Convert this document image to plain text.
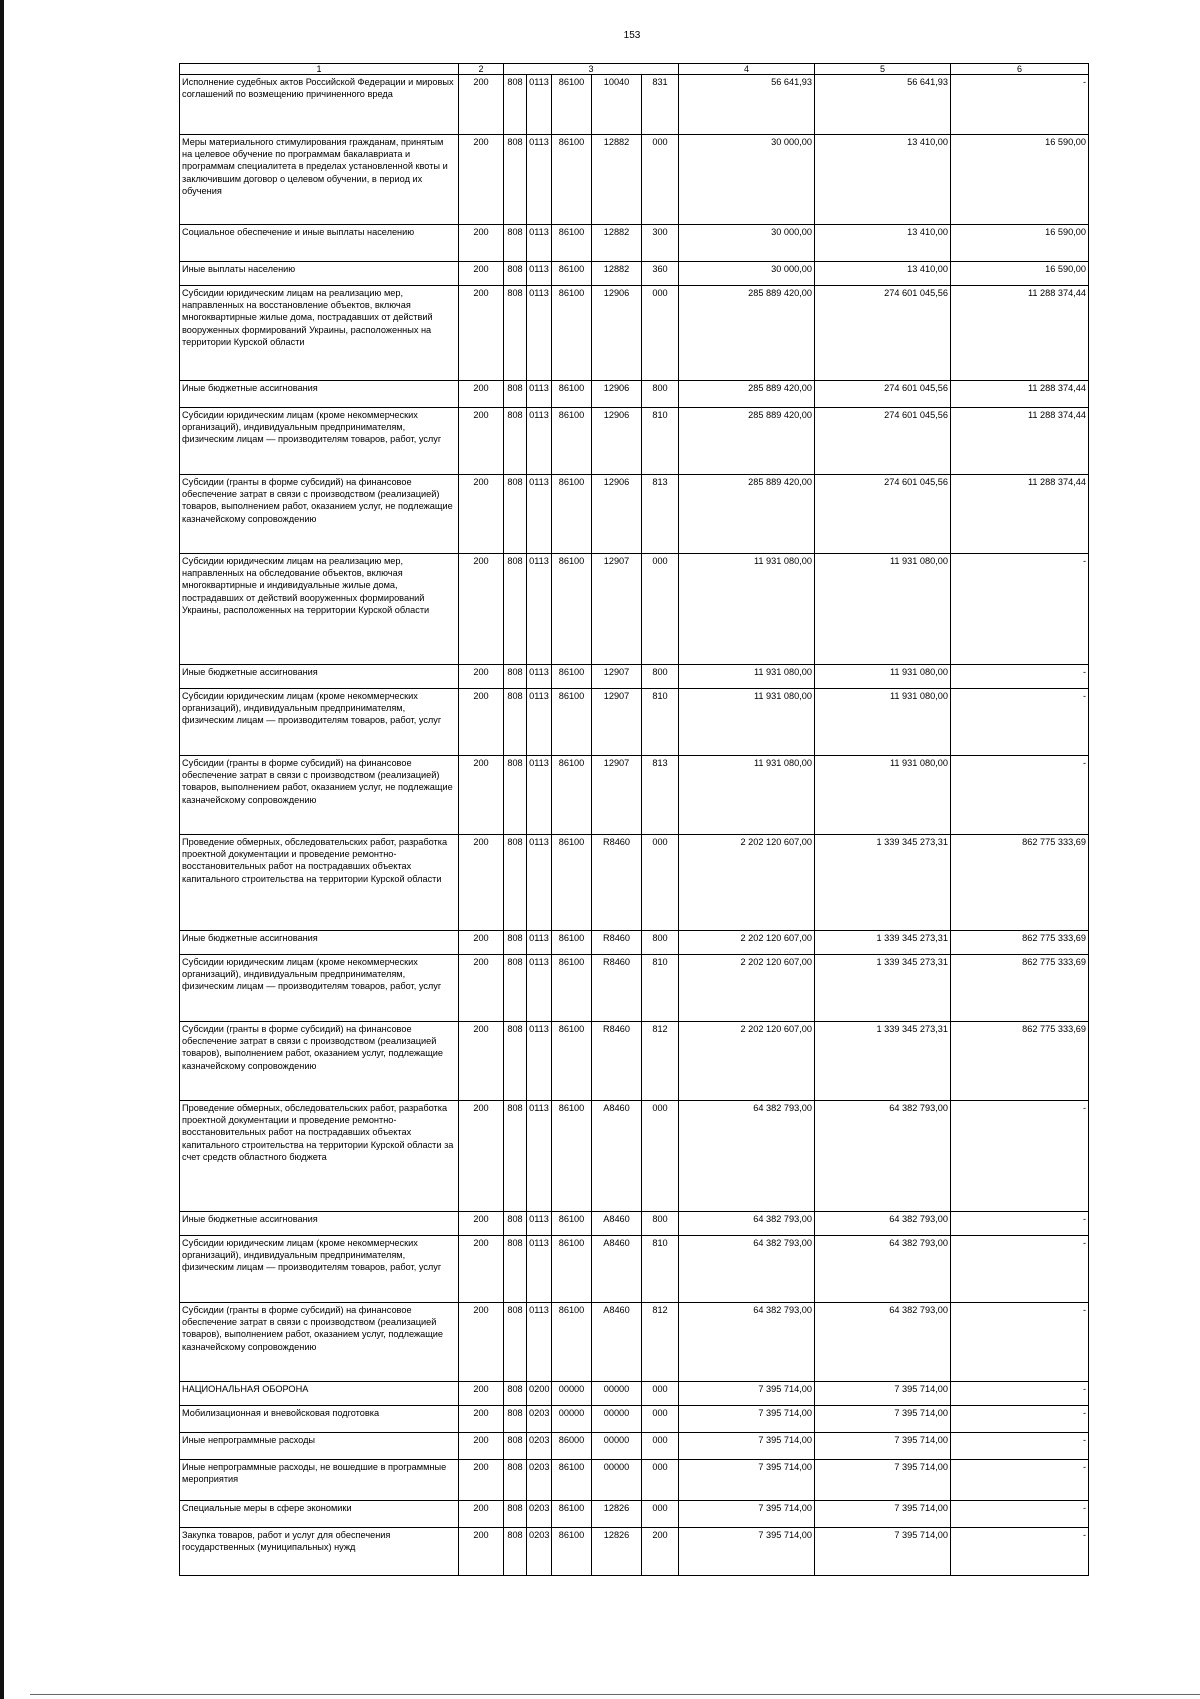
153
1	2	3					4	5	6
Исполнение судебных актов Российской Федерации и мировых соглашений по возмещению причиненного вреда	200	808	0113	86100	10040	831	56 641,93	56 641,93	-
Меры материального стимулирования гражданам, принятым на целевое обучение по программам бакалавриата и программам специалитета в пределах установленной квоты и заключившим договор о целевом обучении, в период их обучения	200	808	0113	86100	12882	000	30 000,00	13 410,00	16 590,00
Социальное обеспечение и иные выплаты населению	200	808	0113	86100	12882	300	30 000,00	13 410,00	16 590,00
Иные выплаты населению	200	808	0113	86100	12882	360	30 000,00	13 410,00	16 590,00
Субсидии юридическим лицам на реализацию мер, направленных на восстановление объектов, включая многоквартирные жилые дома, пострадавших от действий вооруженных формирований Украины, расположенных на территории Курской области	200	808	0113	86100	12906	000	285 889 420,00	274 601 045,56	11 288 374,44
Иные бюджетные ассигнования	200	808	0113	86100	12906	800	285 889 420,00	274 601 045,56	11 288 374,44
Субсидии юридическим лицам (кроме некоммерческих организаций), индивидуальным предпринимателям, физическим лицам — производителям товаров, работ, услуг	200	808	0113	86100	12906	810	285 889 420,00	274 601 045,56	11 288 374,44
Субсидии (гранты в форме субсидий) на финансовое обеспечение затрат в связи с производством (реализацией) товаров, выполнением работ, оказанием услуг, не подлежащие казначейскому сопровождению	200	808	0113	86100	12906	813	285 889 420,00	274 601 045,56	11 288 374,44
Субсидии юридическим лицам на реализацию мер, направленных на обследование объектов, включая многоквартирные и индивидуальные жилые дома, пострадавших от действий вооруженных формирований Украины, расположенных на территории Курской области	200	808	0113	86100	12907	000	11 931 080,00	11 931 080,00	-
Иные бюджетные ассигнования	200	808	0113	86100	12907	800	11 931 080,00	11 931 080,00	-
Субсидии юридическим лицам (кроме некоммерческих организаций), индивидуальным предпринимателям, физическим лицам — производителям товаров, работ, услуг	200	808	0113	86100	12907	810	11 931 080,00	11 931 080,00	-
Субсидии (гранты в форме субсидий) на финансовое обеспечение затрат в связи с производством (реализацией) товаров, выполнением работ, оказанием услуг, не подлежащие казначейскому сопровождению	200	808	0113	86100	12907	813	11 931 080,00	11 931 080,00	-
Проведение обмерных, обследовательских работ, разработка проектной документации и проведение ремонтно-восстановительных работ на пострадавших объектах капитального строительства на территории Курской области	200	808	0113	86100	R8460	000	2 202 120 607,00	1 339 345 273,31	862 775 333,69
Иные бюджетные ассигнования	200	808	0113	86100	R8460	800	2 202 120 607,00	1 339 345 273,31	862 775 333,69
Субсидии юридическим лицам (кроме некоммерческих организаций), индивидуальным предпринимателям, физическим лицам — производителям товаров, работ, услуг	200	808	0113	86100	R8460	810	2 202 120 607,00	1 339 345 273,31	862 775 333,69
Субсидии (гранты в форме субсидий) на финансовое обеспечение затрат в связи с производством (реализацией товаров), выполнением работ, оказанием услуг, подлежащие казначейскому сопровождению	200	808	0113	86100	R8460	812	2 202 120 607,00	1 339 345 273,31	862 775 333,69
Проведение обмерных, обследовательских работ, разработка проектной документации и проведение ремонтно-восстановительных работ на пострадавших объектах капитального строительства на территории Курской области за счет средств областного бюджета	200	808	0113	86100	A8460	000	64 382 793,00	64 382 793,00	-
Иные бюджетные ассигнования	200	808	0113	86100	A8460	800	64 382 793,00	64 382 793,00	-
Субсидии юридическим лицам (кроме некоммерческих организаций), индивидуальным предпринимателям, физическим лицам — производителям товаров, работ, услуг	200	808	0113	86100	A8460	810	64 382 793,00	64 382 793,00	-
Субсидии (гранты в форме субсидий) на финансовое обеспечение затрат в связи с производством (реализацией товаров), выполнением работ, оказанием услуг, подлежащие казначейскому сопровождению	200	808	0113	86100	A8460	812	64 382 793,00	64 382 793,00	-
НАЦИОНАЛЬНАЯ ОБОРОНА	200	808	0200	00000	00000	000	7 395 714,00	7 395 714,00	-
Мобилизационная и вневойсковая подготовка	200	808	0203	00000	00000	000	7 395 714,00	7 395 714,00	-
Иные непрограммные расходы	200	808	0203	86000	00000	000	7 395 714,00	7 395 714,00	-
Иные непрограммные расходы, не вошедшие в программные мероприятия	200	808	0203	86100	00000	000	7 395 714,00	7 395 714,00	-
Специальные меры в сфере экономики	200	808	0203	86100	12826	000	7 395 714,00	7 395 714,00	-
Закупка товаров, работ и услуг для обеспечения государственных (муниципальных) нужд	200	808	0203	86100	12826	200	7 395 714,00	7 395 714,00	-
